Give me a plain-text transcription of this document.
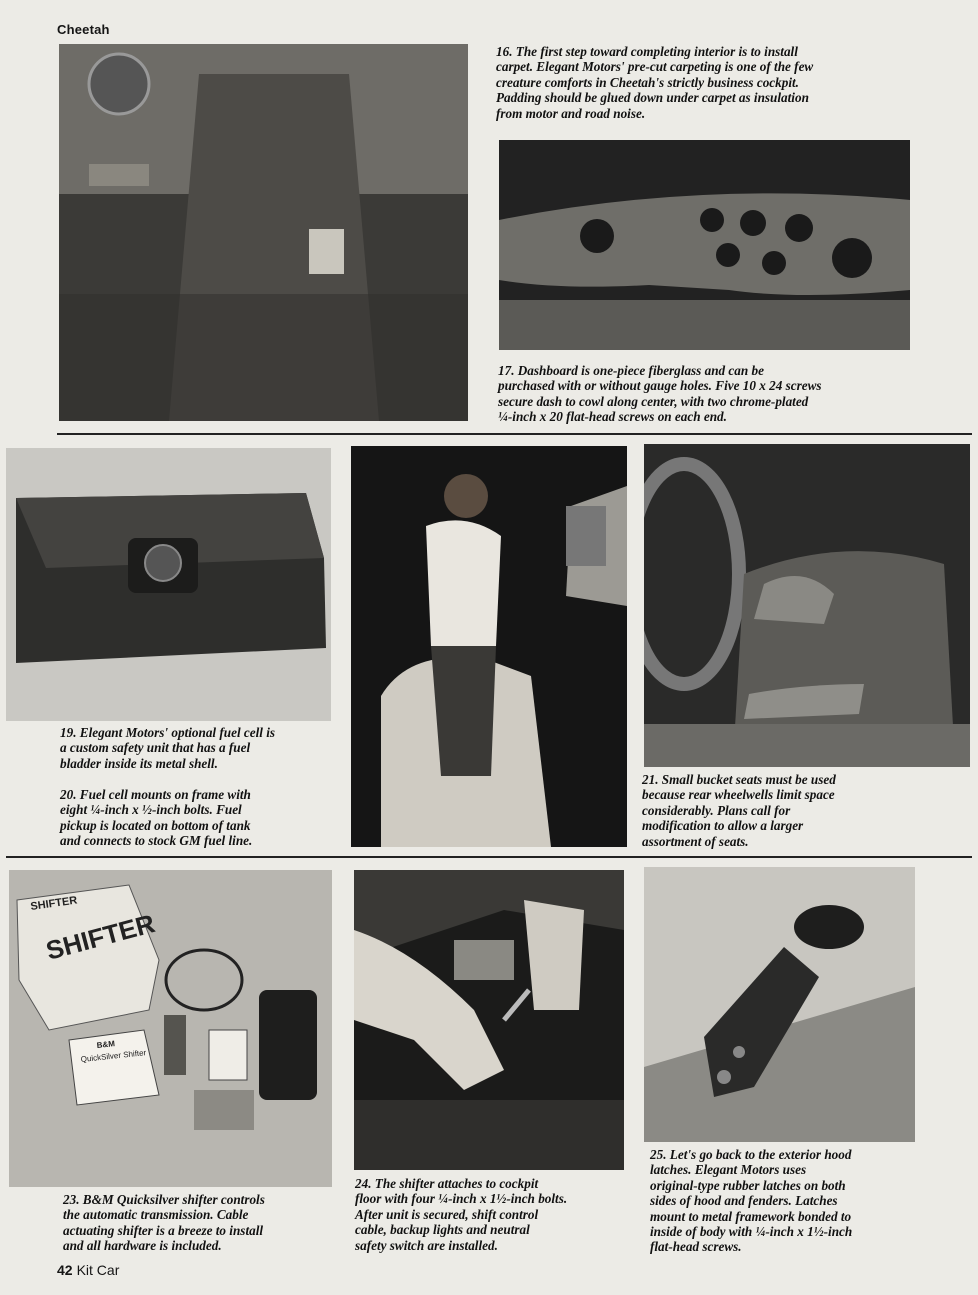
Cheetah
16. The first step toward completing interior is to install
carpet. Elegant Motors' pre-cut carpeting is one of the few
creature comforts in Cheetah's strictly business cockpit.
Padding should be glued down under carpet as insulation
from motor and road noise.
17. Dashboard is one-piece fiberglass and can be
purchased with or without gauge holes. Five 10 x 24 screws
secure dash to cowl along center, with two chrome-plated
¼-inch x 20 flat-head screws on each end.
19. Elegant Motors' optional fuel cell is
a custom safety unit that has a fuel
bladder inside its metal shell.
20. Fuel cell mounts on frame with
eight ¼-inch x ½-inch bolts. Fuel
pickup is located on bottom of tank
and connects to stock GM fuel line.
21. Small bucket seats must be used
because rear wheelwells limit space
considerably. Plans call for
modification to allow a larger
assortment of seats.
SHIFTER
SHIFTER
B&M
QuickSilver Shifter
23. B&M Quicksilver shifter controls
the automatic transmission. Cable
actuating shifter is a breeze to install
and all hardware is included.
24. The shifter attaches to cockpit
floor with four ¼-inch x 1½-inch bolts.
After unit is secured, shift control
cable, backup lights and neutral
safety switch are installed.
25. Let's go back to the exterior hood
latches. Elegant Motors uses
original-type rubber latches on both
sides of hood and fenders. Latches
mount to metal framework bonded to
inside of body with ¼-inch x 1½-inch
flat-head screws.
42 Kit Car
